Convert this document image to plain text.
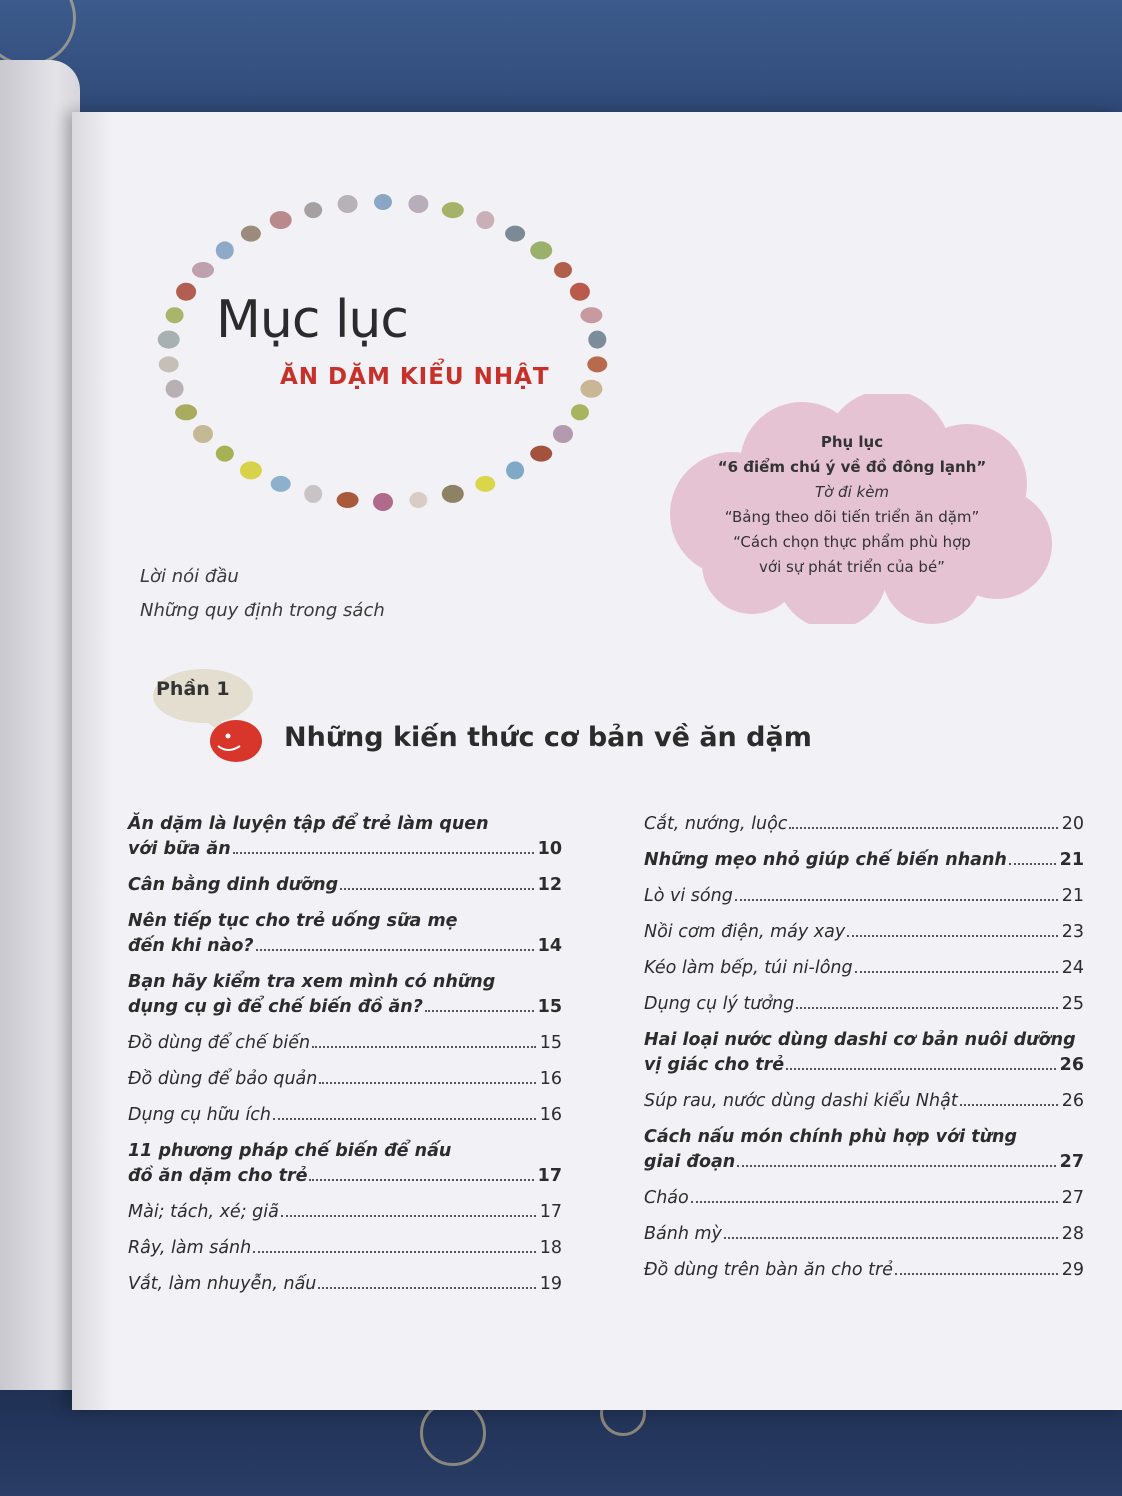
Mục lục
ĂN DẶM KIỂU NHẬT
Phụ lục
“6 điểm chú ý về đồ đông lạnh”
Tờ đi kèm
“Bảng theo dõi tiến triển ăn dặm”
“Cách chọn thực phẩm phù hợp
với sự phát triển của bé”
Lời nói đầu
Những quy định trong sách
Phần 1
Những kiến thức cơ bản về ăn dặm
Ăn dặm là luyện tập để trẻ làm quen
với bữa ăn	10
Cân bằng dinh dưỡng	12
Nên tiếp tục cho trẻ uống sữa mẹ
đến khi nào?	14
Bạn hãy kiểm tra xem mình có những
dụng cụ gì để chế biến đồ ăn?	15
Đồ dùng để chế biến	15
Đồ dùng để bảo quản	16
Dụng cụ hữu ích	16
11 phương pháp chế biến để nấu
đồ ăn dặm cho trẻ	17
Mài; tách, xé; giã	17
Rây, làm sánh	18
Vắt, làm nhuyễn, nấu	19
Cắt, nướng, luộc	20
Những mẹo nhỏ giúp chế biến nhanh	21
Lò vi sóng	21
Nồi cơm điện, máy xay	23
Kéo làm bếp, túi ni-lông	24
Dụng cụ lý tưởng	25
Hai loại nước dùng dashi cơ bản nuôi dưỡng
vị giác cho trẻ	26
Súp rau, nước dùng dashi kiểu Nhật	26
Cách nấu món chính phù hợp với từng
giai đoạn	27
Cháo	27
Bánh mỳ	28
Đồ dùng trên bàn ăn cho trẻ	29
